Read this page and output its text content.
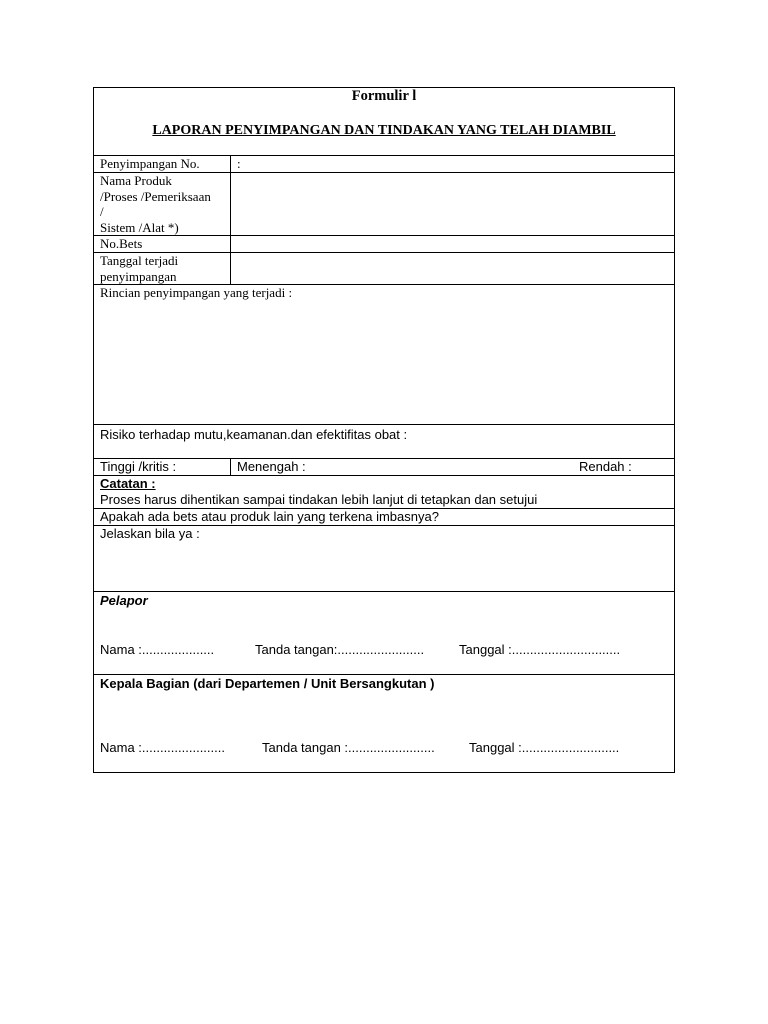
Formulir l
LAPORAN PENYIMPANGAN DAN TINDAKAN YANG TELAH DIAMBIL	

Penyimpangan No.	:

Nama Produk
/Proses /Pemeriksaan
/
Sistem /Alat *)	

No.Bets	

Tanggal terjadi
penyimpangan	

Rincian penyimpangan yang terjadi :	

Risiko terhadap mutu,keamanan.dan efektifitas obat :	

Tinggi /kritis :	Menengah : Rendah :

Catatan :
Proses harus dihentikan sampai tindakan lebih lanjut di tetapkan dan setujui	

Apakah ada bets atau produk lain yang terkena imbasnya?	

Jelaskan bila ya :	

Pelapor
Nama :.................... Tanda tangan:........................ Tanggal :..............................	

Kepala Bagian (dari Departemen / Unit Bersangkutan )
Nama :....................... Tanda tangan :........................ Tanggal :...........................	
